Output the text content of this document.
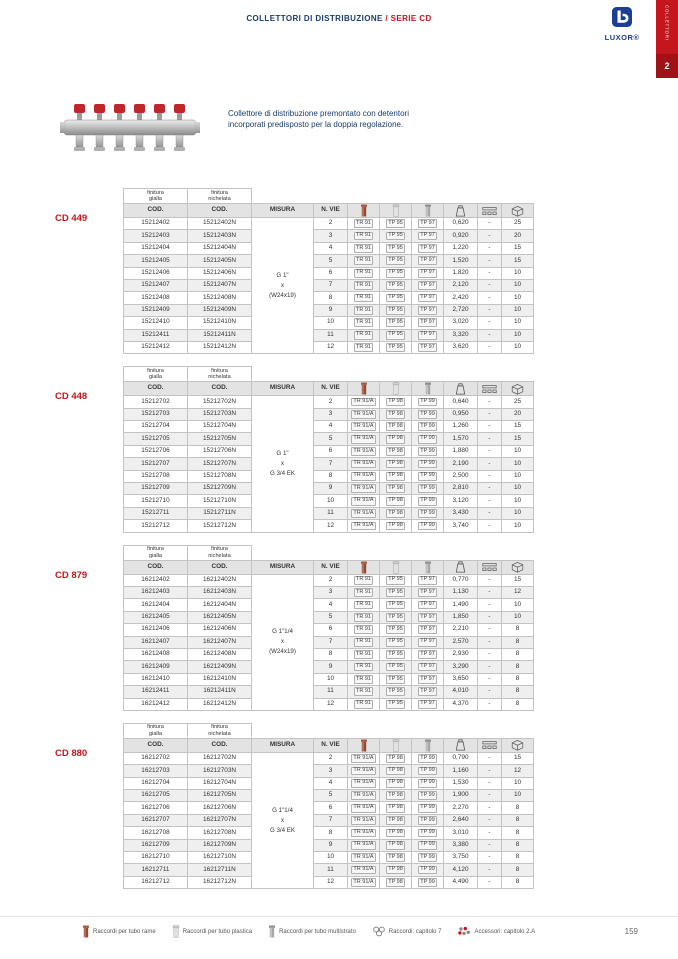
COLLETTORI DI DISTRIBUZIONE / SERIE CD
LUXOR®	COLLETTORI
2
Collettore di distribuzione premontato con detentori incorporati predisposto per la doppia regolazione.
CD 449
finitura
gialla	finitura
nichelata								
COD.	COD.	MISURA	N. VIE						
15212402	15212402N	G 1"
x
(W24x19)	2	TR 91	TP 95	TP 97	0,620	-	25
15212403	15212403N		3	TR 91	TP 95	TP 97	0,920	-	20
15212404	15212404N		4	TR 91	TP 95	TP 97	1,220	-	15
15212405	15212405N		5	TR 91	TP 95	TP 97	1,520	-	15
15212406	15212406N		6	TR 91	TP 95	TP 97	1,820	-	10
15212407	15212407N		7	TR 91	TP 95	TP 97	2,120	-	10
15212408	15212408N		8	TR 91	TP 95	TP 97	2,420	-	10
15212409	15212409N		9	TR 91	TP 95	TP 97	2,720	-	10
15212410	15212410N		10	TR 91	TP 95	TP 97	3,020	-	10
15212411	15212411N		11	TR 91	TP 95	TP 97	3,320	-	10
15212412	15212412N		12	TR 91	TP 95	TP 97	3,620	-	10
CD 448
finitura
gialla	finitura
nichelata								
COD.	COD.	MISURA	N. VIE						
15212702	15212702N	G 1"
x
G 3/4 EK	2	TR 91/A	TP 98	TP 99	0,640	-	25
15212703	15212703N		3	TR 91/A	TP 98	TP 99	0,950	-	20
15212704	15212704N		4	TR 91/A	TP 98	TP 99	1,260	-	15
15212705	15212705N		5	TR 91/A	TP 98	TP 99	1,570	-	15
15212706	15212706N		6	TR 91/A	TP 98	TP 99	1,880	-	10
15212707	15212707N		7	TR 91/A	TP 98	TP 99	2,190	-	10
15212708	15212708N		8	TR 91/A	TP 98	TP 99	2,500	-	10
15212709	15212709N		9	TR 91/A	TP 98	TP 99	2,810	-	10
15212710	15212710N		10	TR 91/A	TP 98	TP 99	3,120	-	10
15212711	15212711N		11	TR 91/A	TP 98	TP 99	3,430	-	10
15212712	15212712N		12	TR 91/A	TP 98	TP 99	3,740	-	10
CD 879
finitura
gialla	finitura
nichelata								
COD.	COD.	MISURA	N. VIE						
16212402	16212402N	G 1"1/4
x
(W24x19)	2	TR 91	TP 95	TP 97	0,770	-	15
16212403	16212403N		3	TR 91	TP 95	TP 97	1,130	-	12
16212404	16212404N		4	TR 91	TP 95	TP 97	1,490	-	10
16212405	16212405N		5	TR 91	TP 95	TP 97	1,850	-	10
16212406	16212406N		6	TR 91	TP 95	TP 97	2,210	-	8
16212407	16212407N		7	TR 91	TP 95	TP 97	2,570	-	8
16212408	16212408N		8	TR 91	TP 95	TP 97	2,930	-	8
16212409	16212409N		9	TR 91	TP 95	TP 97	3,290	-	8
16212410	16212410N		10	TR 91	TP 95	TP 97	3,650	-	8
16212411	16212411N		11	TR 91	TP 95	TP 97	4,010	-	8
16212412	16212412N		12	TR 91	TP 95	TP 97	4,370	-	8
CD 880
finitura
gialla	finitura
nichelata								
COD.	COD.	MISURA	N. VIE						
16212702	16212702N	G 1"1/4
x
G 3/4 EK	2	TR 91/A	TP 98	TP 99	0,790	-	15
16212703	16212703N		3	TR 91/A	TP 98	TP 99	1,160	-	12
16212704	16212704N		4	TR 91/A	TP 98	TP 99	1,530	-	10
16212705	16212705N		5	TR 91/A	TP 98	TP 99	1,900	-	10
16212706	16212706N		6	TR 91/A	TP 98	TP 99	2,270	-	8
16212707	16212707N		7	TR 91/A	TP 98	TP 99	2,640	-	8
16212708	16212708N		8	TR 91/A	TP 98	TP 99	3,010	-	8
16212709	16212709N		9	TR 91/A	TP 98	TP 99	3,380	-	8
16212710	16212710N		10	TR 91/A	TP 98	TP 99	3,750	-	8
16212711	16212711N		11	TR 91/A	TP 98	TP 99	4,120	-	8
16212712	16212712N		12	TR 91/A	TP 98	TP 99	4,490	-	8
Raccordi per tubo rame	Raccordi per tubo plastica	Raccordi per tubo multistrato	Raccordi: capitolo 7	Accessori: capitolo 2.A	159
